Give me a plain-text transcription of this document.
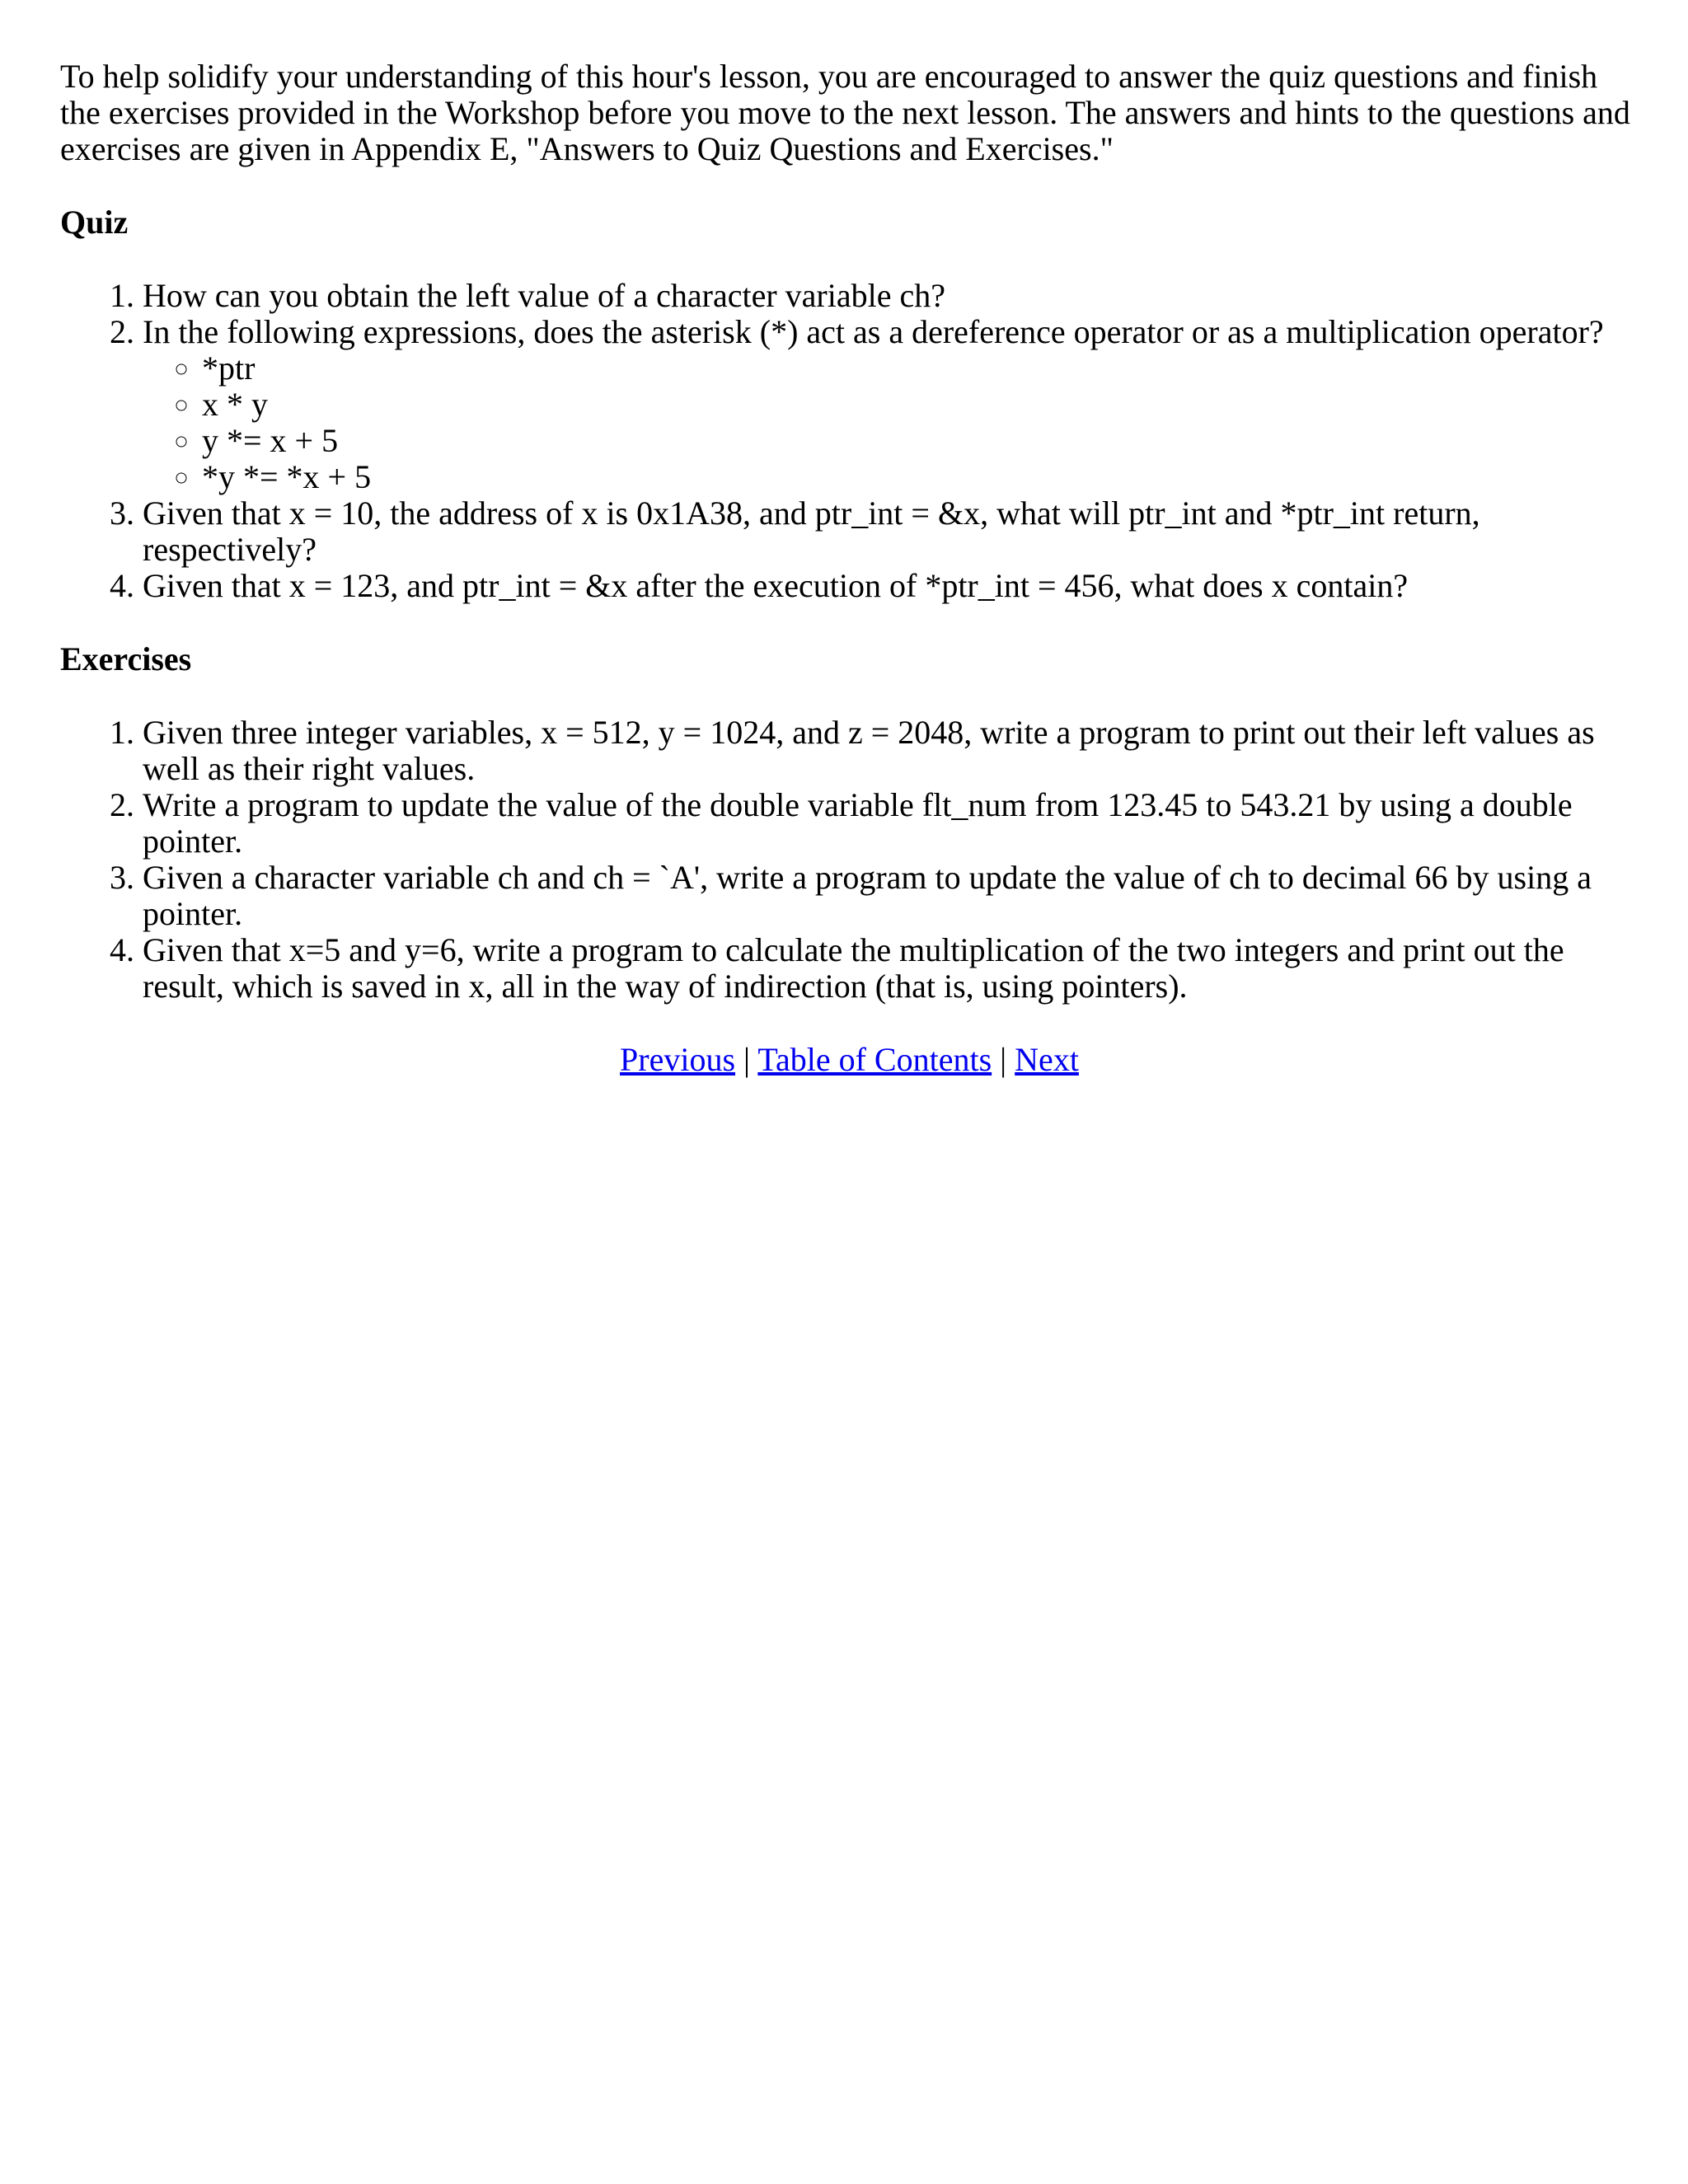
To help solidify your understanding of this hour's lesson, you are encouraged to answer the quiz questions and finish the exercises provided in the Workshop before you move to the next lesson. The answers and hints to the questions and exercises are given in Appendix E, "Answers to Quiz Questions and Exercises."

Quiz
1. How can you obtain the left value of a character variable ch?
2. In the following expressions, does the asterisk (*) act as a dereference operator or as a multiplication operator?
◦ *ptr
◦ x * y
◦ y *= x + 5
◦ *y *= *x + 5
3. Given that x = 10, the address of x is 0x1A38, and ptr_int = &x, what will ptr_int and *ptr_int return, respectively?
4. Given that x = 123, and ptr_int = &x after the execution of *ptr_int = 456, what does x contain?
Exercises
1. Given three integer variables, x = 512, y = 1024, and z = 2048, write a program to print out their left values as well as their right values.
2. Write a program to update the value of the double variable flt_num from 123.45 to 543.21 by using a double pointer.
3. Given a character variable ch and ch = `A', write a program to update the value of ch to decimal 66 by using a pointer.
4. Given that x=5 and y=6, write a program to calculate the multiplication of the two integers and print out the result, which is saved in x, all in the way of indirection (that is, using pointers).
Previous | Table of Contents | Next
